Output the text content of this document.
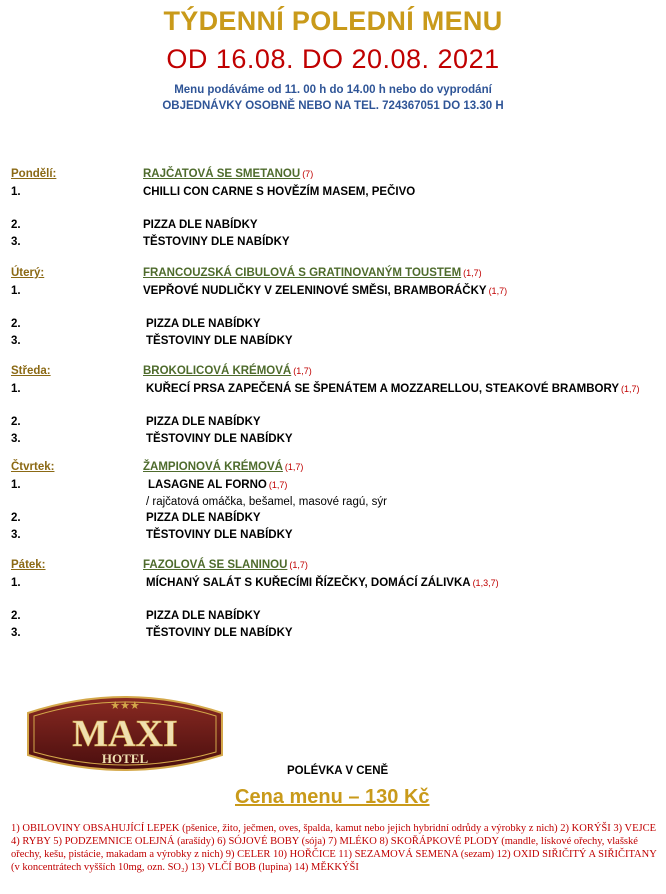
TÝDENNÍ POLEDNÍ MENU
OD 16.08. DO 20.08. 2021
Menu podáváme od 11. 00 h do 14.00 h nebo do vyprodání
OBJEDNÁVKY OSOBNĚ NEBO NA TEL. 724367051 DO 13.30 H
Pondělí:	RAJČATOVÁ SE SMETANOU (7)
1.	CHILLI CON CARNE S HOVĚZÍM MASEM, PEČIVO
2.	PIZZA DLE NABÍDKY
3.	TĚSTOVINY DLE NABÍDKY
Úterý:	FRANCOUZSKÁ CIBULOVÁ S GRATINOVANÝM TOUSTEM (1,7)
1.	VEPŘOVÉ NUDLIČKY V ZELENINOVÉ SMĚSI, BRAMBORÁČKY (1,7)
2.	PIZZA DLE NABÍDKY
3.	TĚSTOVINY DLE NABÍDKY
Středa:	BROKOLICOVÁ KRÉMOVÁ (1,7)
1.	KUŘECÍ PRSA ZAPEČENÁ SE ŠPENÁTEM A MOZZARELLOU, STEAKOVÉ BRAMBORY (1,7)
2.	PIZZA DLE NABÍDKY
3.	TĚSTOVINY DLE NABÍDKY
Čtvrtek:	ŽAMPIONOVÁ KRÉMOVÁ (1,7)
1.	LASAGNE AL FORNO (1,7)
/ rajčatová omáčka, bešamel, masové ragú, sýr
2.	PIZZA DLE NABÍDKY
3.	TĚSTOVINY DLE NABÍDKY
Pátek:	FAZOLOVÁ SE SLANINOU (1,7)
1.	MÍCHANÝ SALÁT S KUŘECÍMI ŘÍZEČKY, DOMÁCÍ ZÁLIVKA (1,3,7)
2.	PIZZA DLE NABÍDKY
3.	TĚSTOVINY DLE NABÍDKY
★★★
MAXI
HOTEL
POLÉVKA V CENĚ
Cena menu – 130 Kč
1) OBILOVINY OBSAHUJÍCÍ LEPEK (pšenice, žito, ječmen, oves, špalda, kamut nebo jejich hybridní odrůdy a výrobky z nich) 2) KORÝŠI 3) VEJCE 4) RYBY 5) PODZEMNICE OLEJNÁ (arašídy) 6) SÓJOVÉ BOBY (sója) 7) MLÉKO 8) SKOŘÁPKOVÉ PLODY (mandle, lískové ořechy, vlašské ořechy, kešu, pistácie, makadam a výrobky z nich) 9) CELER 10) HOŘČICE 11) SEZAMOVÁ SEMENA (sezam) 12) OXID SIŘIČITÝ A SIŘIČITANY (v koncentrátech vyšších 10mg, ozn. SO₂) 13) VLČÍ BOB (lupina) 14) MĚKKÝŠI
